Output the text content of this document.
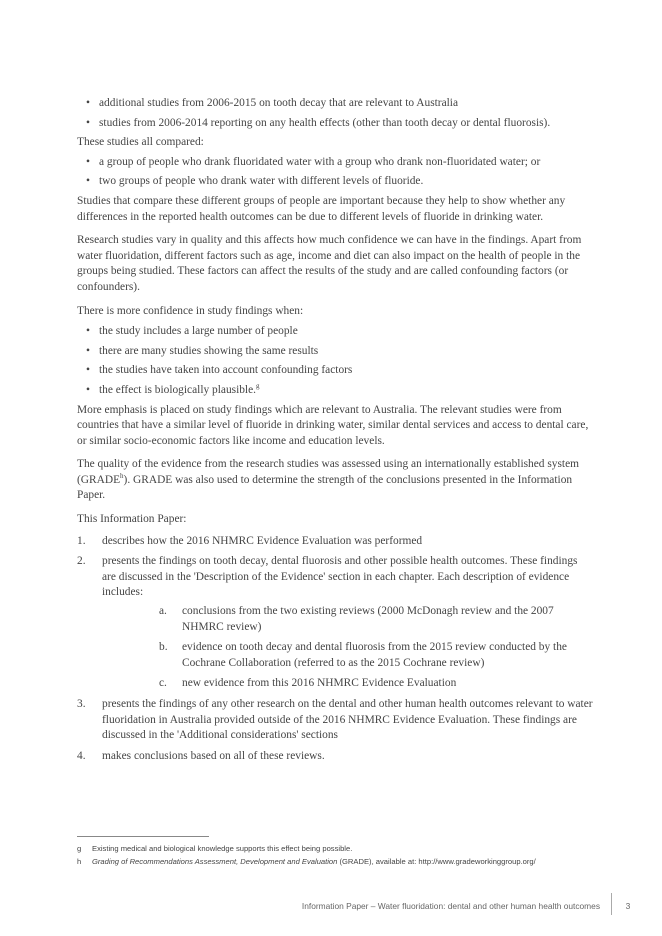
• additional studies from 2006-2015 on tooth decay that are relevant to Australia
• studies from 2006-2014 reporting on any health effects (other than tooth decay or dental fluorosis).

These studies all compared:

• a group of people who drank fluoridated water with a group who drank non-fluoridated water; or
• two groups of people who drank water with different levels of fluoride.

Studies that compare these different groups of people are important because they help to show whether any differences in the reported health outcomes can be due to different levels of fluoride in drinking water.

Research studies vary in quality and this affects how much confidence we can have in the findings. Apart from water fluoridation, different factors such as age, income and diet can also impact on the health of people in the groups being studied. These factors can affect the results of the study and are called confounding factors (or confounders).

There is more confidence in study findings when:

• the study includes a large number of people
• there are many studies showing the same results
• the studies have taken into account confounding factors
• the effect is biologically plausible.$^g$

More emphasis is placed on study findings which are relevant to Australia. The relevant studies were from countries that have a similar level of fluoride in drinking water, similar dental services and access to dental care, or similar socio-economic factors like income and education levels.

The quality of the evidence from the research studies was assessed using an internationally established system (GRADE$^h$). GRADE was also used to determine the strength of the conclusions presented in the Information Paper.

This Information Paper:

1. describes how the 2016 NHMRC Evidence Evaluation was performed
2. presents the findings on tooth decay, dental fluorosis and other possible health outcomes. These findings are discussed in the 'Description of the Evidence' section in each chapter. Each description of evidence includes:
a. conclusions from the two existing reviews (2000 McDonagh review and the 2007 NHMRC review)
b. evidence on tooth decay and dental fluorosis from the 2015 review conducted by the Cochrane Collaboration (referred to as the 2015 Cochrane review)
c. new evidence from this 2016 NHMRC Evidence Evaluation
3. presents the findings of any other research on the dental and other human health outcomes relevant to water fluoridation in Australia provided outside of the 2016 NHMRC Evidence Evaluation. These findings are discussed in the 'Additional considerations' sections
4. makes conclusions based on all of these reviews.
g Existing medical and biological knowledge supports this effect being possible.
h Grading of Recommendations Assessment, Development and Evaluation (GRADE), available at: http://www.gradeworkinggroup.org/
Information Paper – Water fluoridation: dental and other human health outcomes	3
